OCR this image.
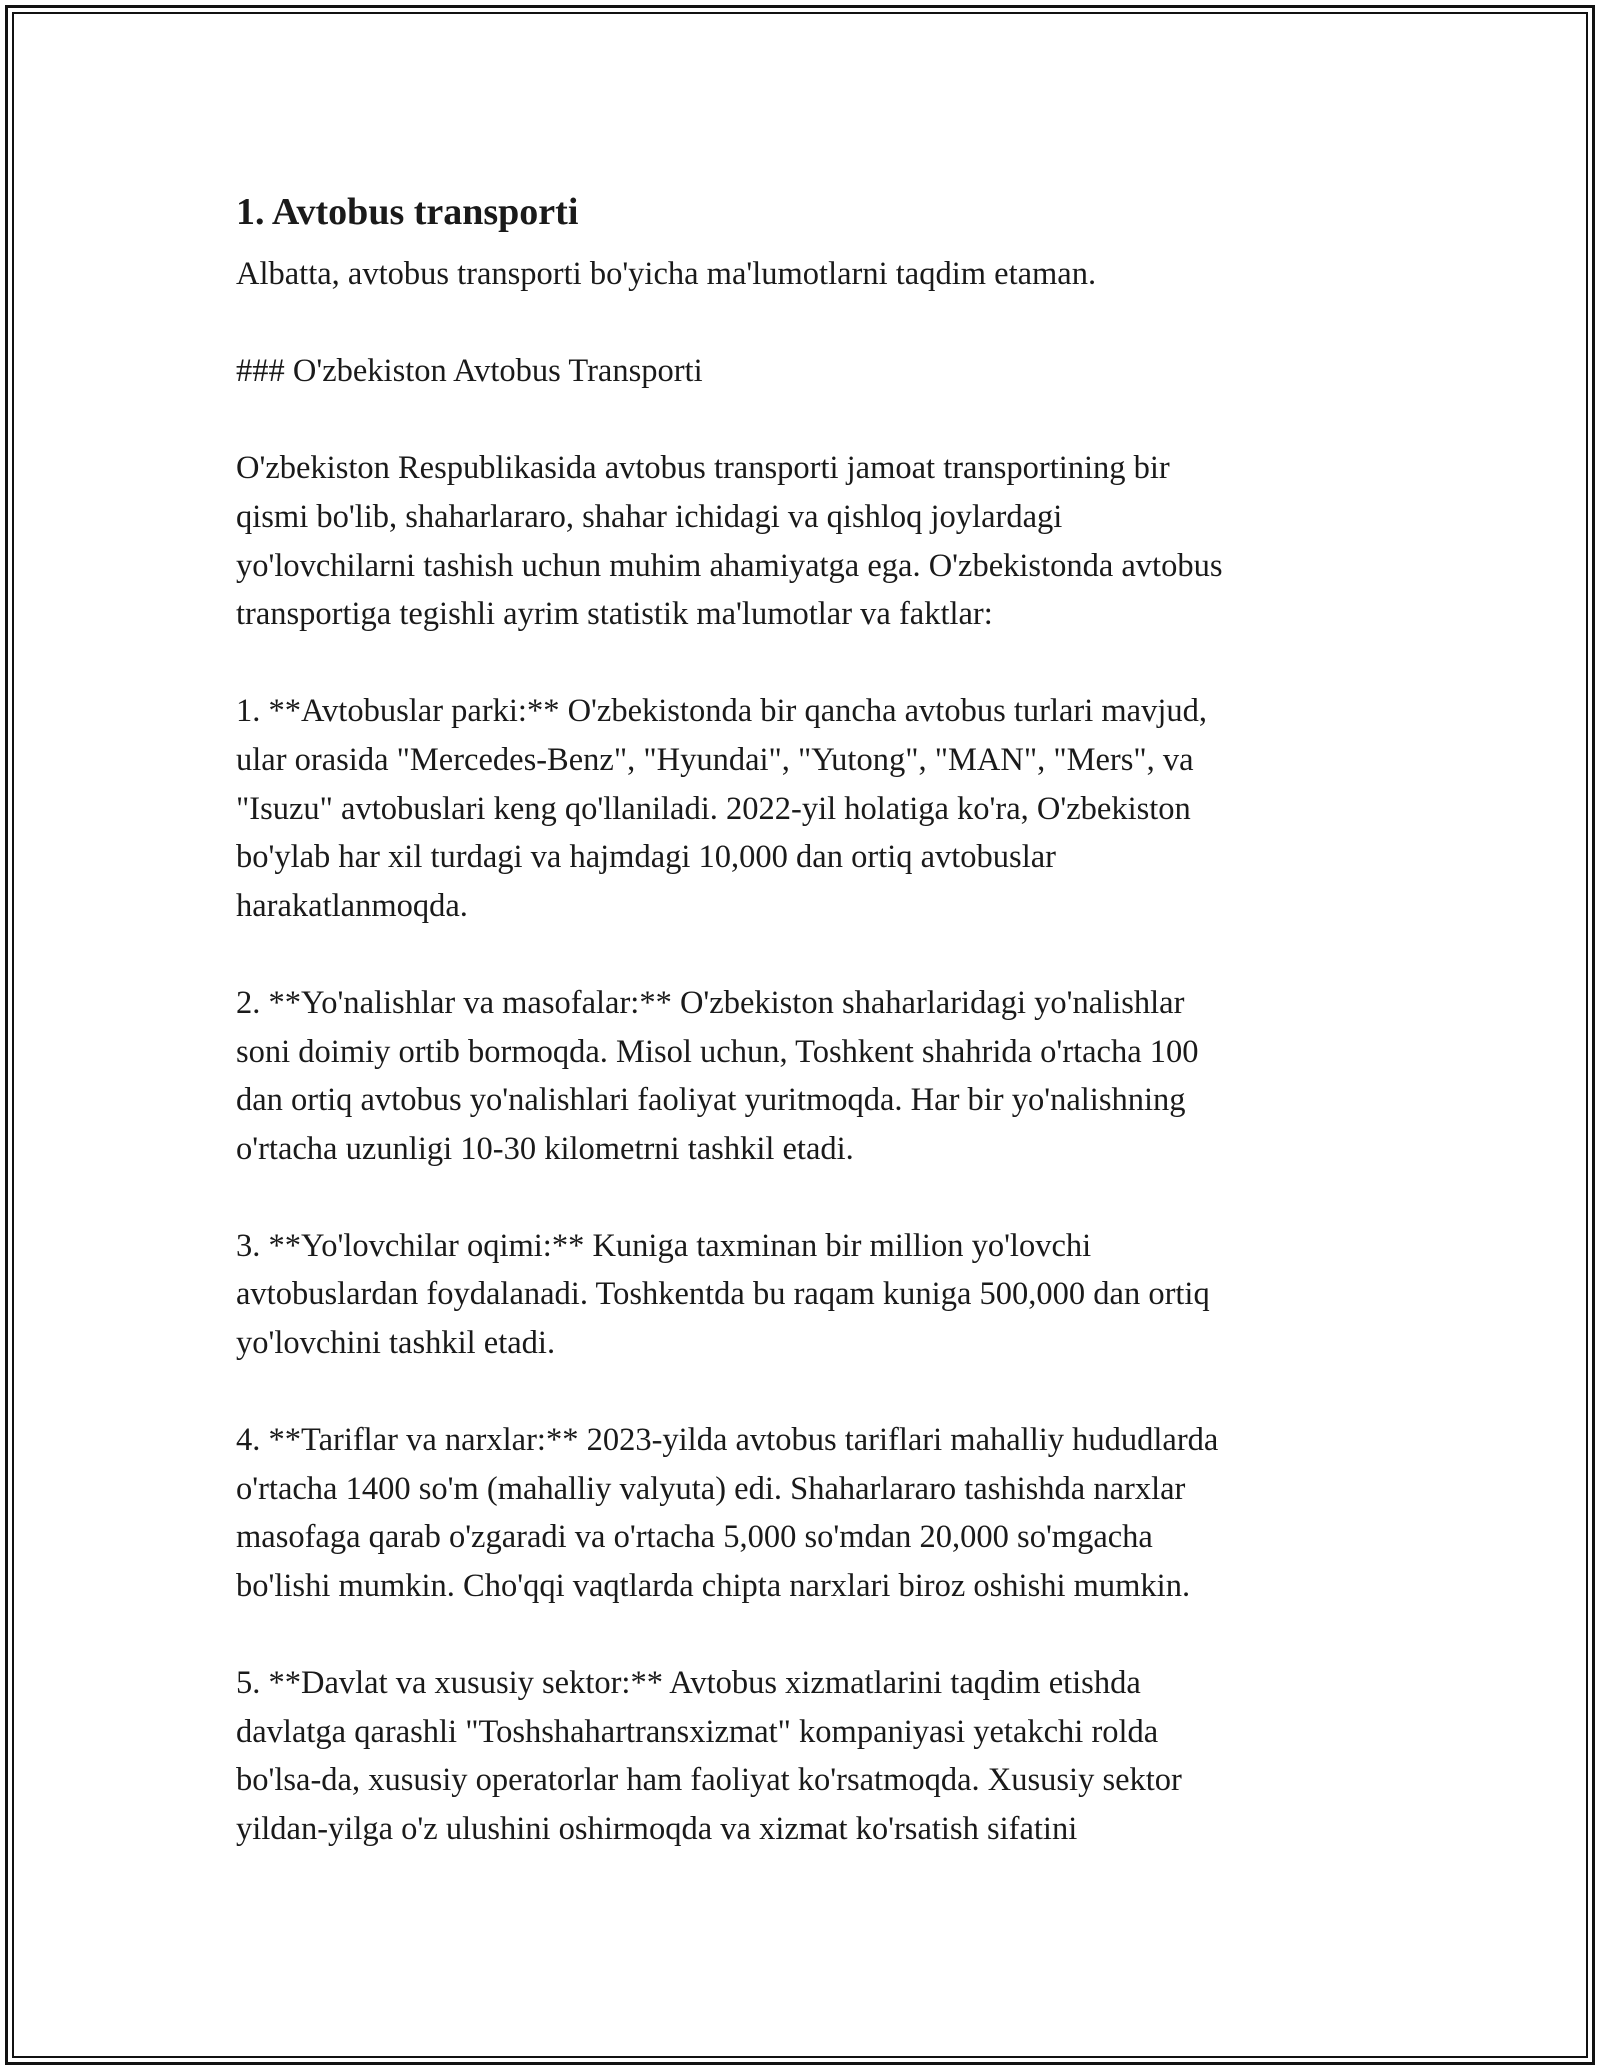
1. Avtobus transporti

Albatta, avtobus transporti bo'yicha ma'lumotlarni taqdim etaman.

### O'zbekiston Avtobus Transporti

O'zbekiston Respublikasida avtobus transporti jamoat transportining bir
qismi bo'lib, shaharlararo, shahar ichidagi va qishloq joylardagi
yo'lovchilarni tashish uchun muhim ahamiyatga ega. O'zbekistonda avtobus
transportiga tegishli ayrim statistik ma'lumotlar va faktlar:

1. **Avtobuslar parki:** O'zbekistonda bir qancha avtobus turlari mavjud,
ular orasida "Mercedes-Benz", "Hyundai", "Yutong", "MAN", "Mers", va
"Isuzu" avtobuslari keng qo'llaniladi. 2022-yil holatiga ko'ra, O'zbekiston
bo'ylab har xil turdagi va hajmdagi 10,000 dan ortiq avtobuslar
harakatlanmoqda.

2. **Yo'nalishlar va masofalar:** O'zbekiston shaharlaridagi yo'nalishlar
soni doimiy ortib bormoqda. Misol uchun, Toshkent shahrida o'rtacha 100
dan ortiq avtobus yo'nalishlari faoliyat yuritmoqda. Har bir yo'nalishning
o'rtacha uzunligi 10-30 kilometrni tashkil etadi.

3. **Yo'lovchilar oqimi:** Kuniga taxminan bir million yo'lovchi
avtobuslardan foydalanadi. Toshkentda bu raqam kuniga 500,000 dan ortiq
yo'lovchini tashkil etadi.

4. **Tariflar va narxlar:** 2023-yilda avtobus tariflari mahalliy hududlarda
o'rtacha 1400 so'm (mahalliy valyuta) edi. Shaharlararo tashishda narxlar
masofaga qarab o'zgaradi va o'rtacha 5,000 so'mdan 20,000 so'mgacha
bo'lishi mumkin. Cho'qqi vaqtlarda chipta narxlari biroz oshishi mumkin.

5. **Davlat va xususiy sektor:** Avtobus xizmatlarini taqdim etishda
davlatga qarashli "Toshshahartransxizmat" kompaniyasi yetakchi rolda
bo'lsa-da, xususiy operatorlar ham faoliyat ko'rsatmoqda. Xususiy sektor
yildan-yilga o'z ulushini oshirmoqda va xizmat ko'rsatish sifatini
